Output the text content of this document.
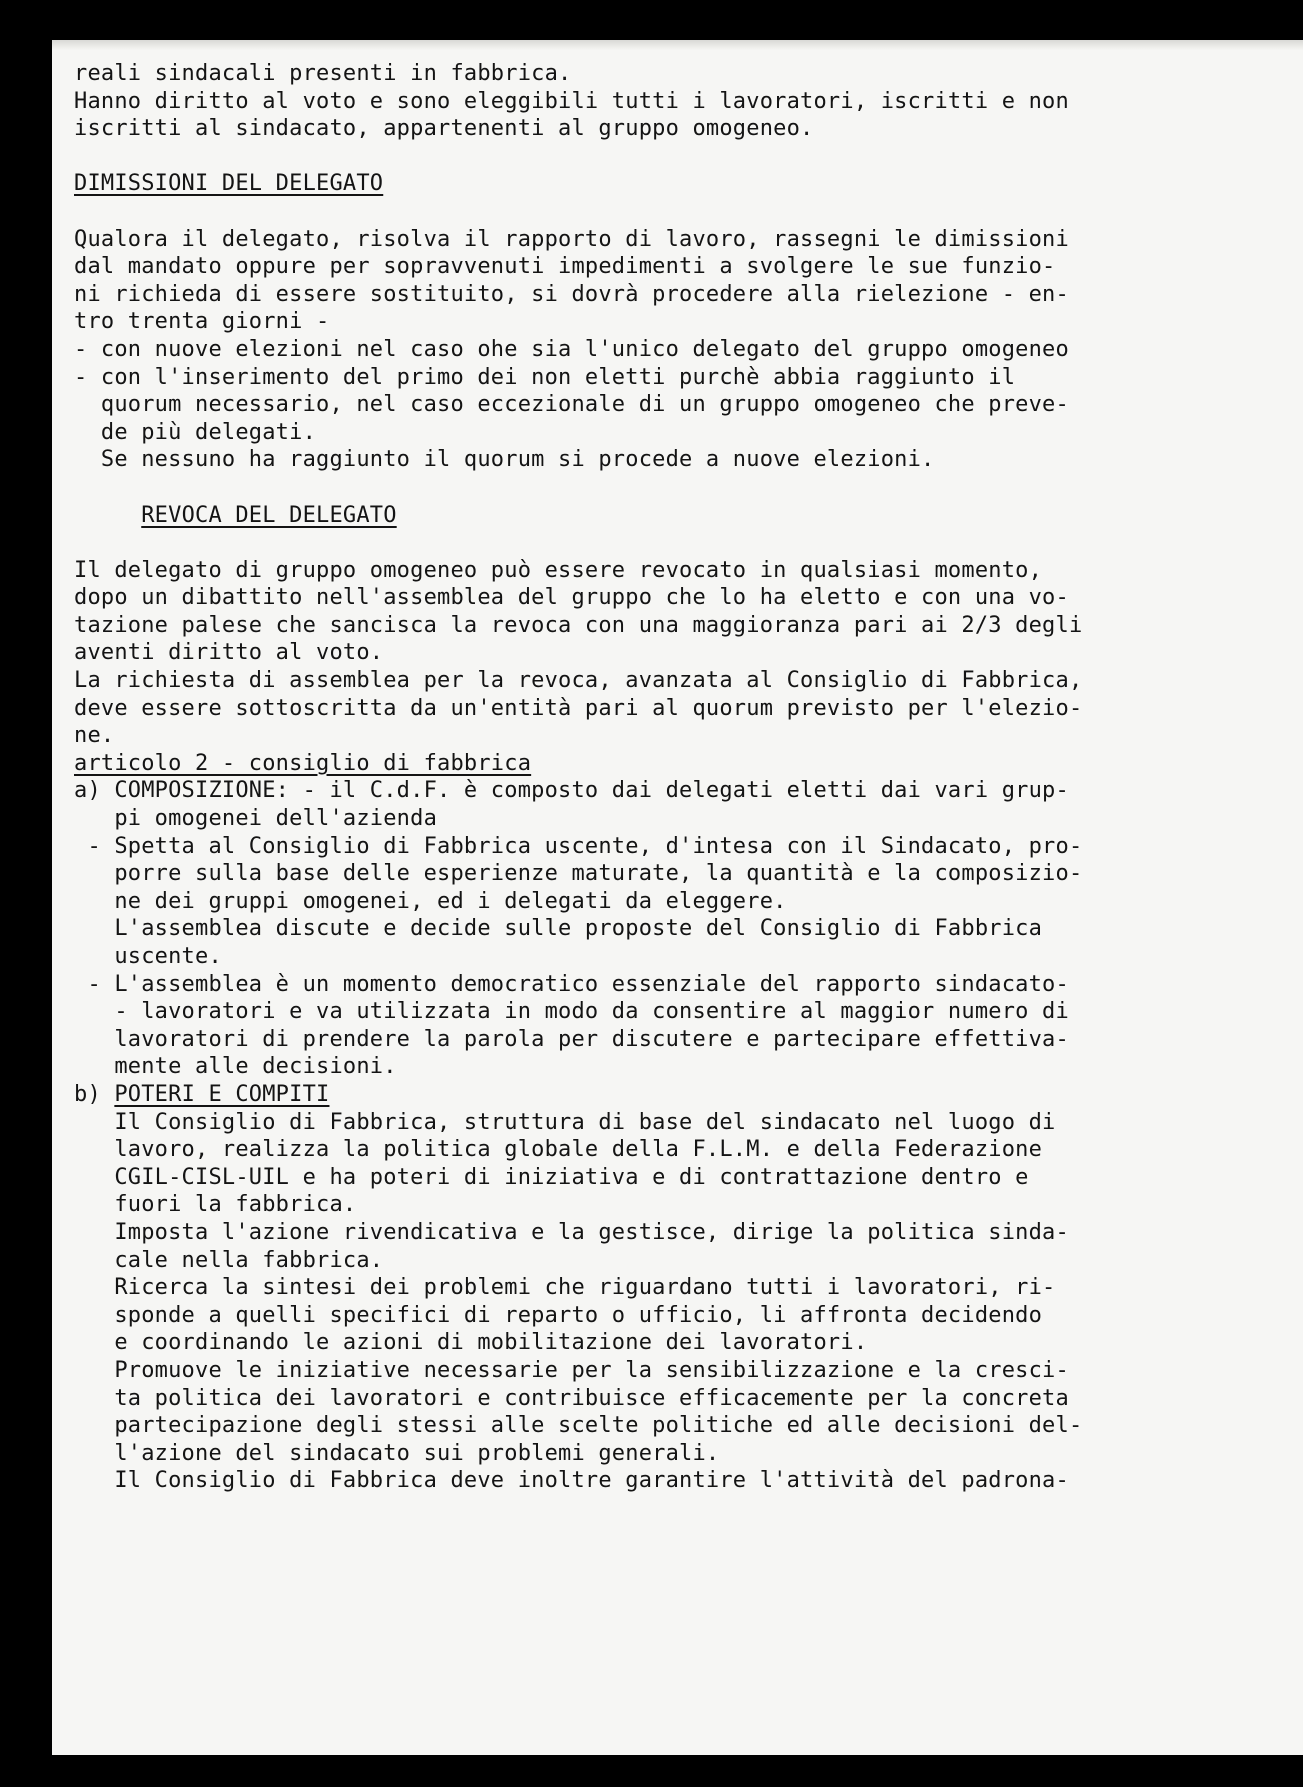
reali sindacali presenti in fabbrica.
Hanno diritto al voto e sono eleggibili tutti i lavoratori, iscritti e non
iscritti al sindacato, appartenenti al gruppo omogeneo.
DIMISSIONI DEL DELEGATO
Qualora il delegato, risolva il rapporto di lavoro, rassegni le dimissioni
dal mandato oppure per sopravvenuti impedimenti a svolgere le sue funzio-
ni richieda di essere sostituito, si dovrà procedere alla rielezione - en-
tro trenta giorni -
- con nuove elezioni nel caso ohe sia l'unico delegato del gruppo omogeneo
- con l'inserimento del primo dei non eletti purchè abbia raggiunto il
quorum necessario, nel caso eccezionale di un gruppo omogeneo che preve-
de più delegati.
Se nessuno ha raggiunto il quorum si procede a nuove elezioni.
REVOCA DEL DELEGATO
Il delegato di gruppo omogeneo può essere revocato in qualsiasi momento,
dopo un dibattito nell'assemblea del gruppo che lo ha eletto e con una vo-
tazione palese che sancisca la revoca con una maggioranza pari ai 2/3 degli
aventi diritto al voto.
La richiesta di assemblea per la revoca, avanzata al Consiglio di Fabbrica,
deve essere sottoscritta da un'entità pari al quorum previsto per l'elezio-
ne.
articolo 2 - consiglio di fabbrica
a) COMPOSIZIONE: - il C.d.F. è composto dai delegati eletti dai vari grup-
pi omogenei dell'azienda
- Spetta al Consiglio di Fabbrica uscente, d'intesa con il Sindacato, pro-
porre sulla base delle esperienze maturate, la quantità e la composizio-
ne dei gruppi omogenei, ed i delegati da eleggere.
L'assemblea discute e decide sulle proposte del Consiglio di Fabbrica
uscente.
- L'assemblea è un momento democratico essenziale del rapporto sindacato-
- lavoratori e va utilizzata in modo da consentire al maggior numero di
lavoratori di prendere la parola per discutere e partecipare effettiva-
mente alle decisioni.
b) POTERI E COMPITI
Il Consiglio di Fabbrica, struttura di base del sindacato nel luogo di
lavoro, realizza la politica globale della F.L.M. e della Federazione
CGIL-CISL-UIL e ha poteri di iniziativa e di contrattazione dentro e
fuori la fabbrica.
Imposta l'azione rivendicativa e la gestisce, dirige la politica sinda-
cale nella fabbrica.
Ricerca la sintesi dei problemi che riguardano tutti i lavoratori, ri-
sponde a quelli specifici di reparto o ufficio, li affronta decidendo
e coordinando le azioni di mobilitazione dei lavoratori.
Promuove le iniziative necessarie per la sensibilizzazione e la cresci-
ta politica dei lavoratori e contribuisce efficacemente per la concreta
partecipazione degli stessi alle scelte politiche ed alle decisioni del-
l'azione del sindacato sui problemi generali.
Il Consiglio di Fabbrica deve inoltre garantire l'attività del padrona-
